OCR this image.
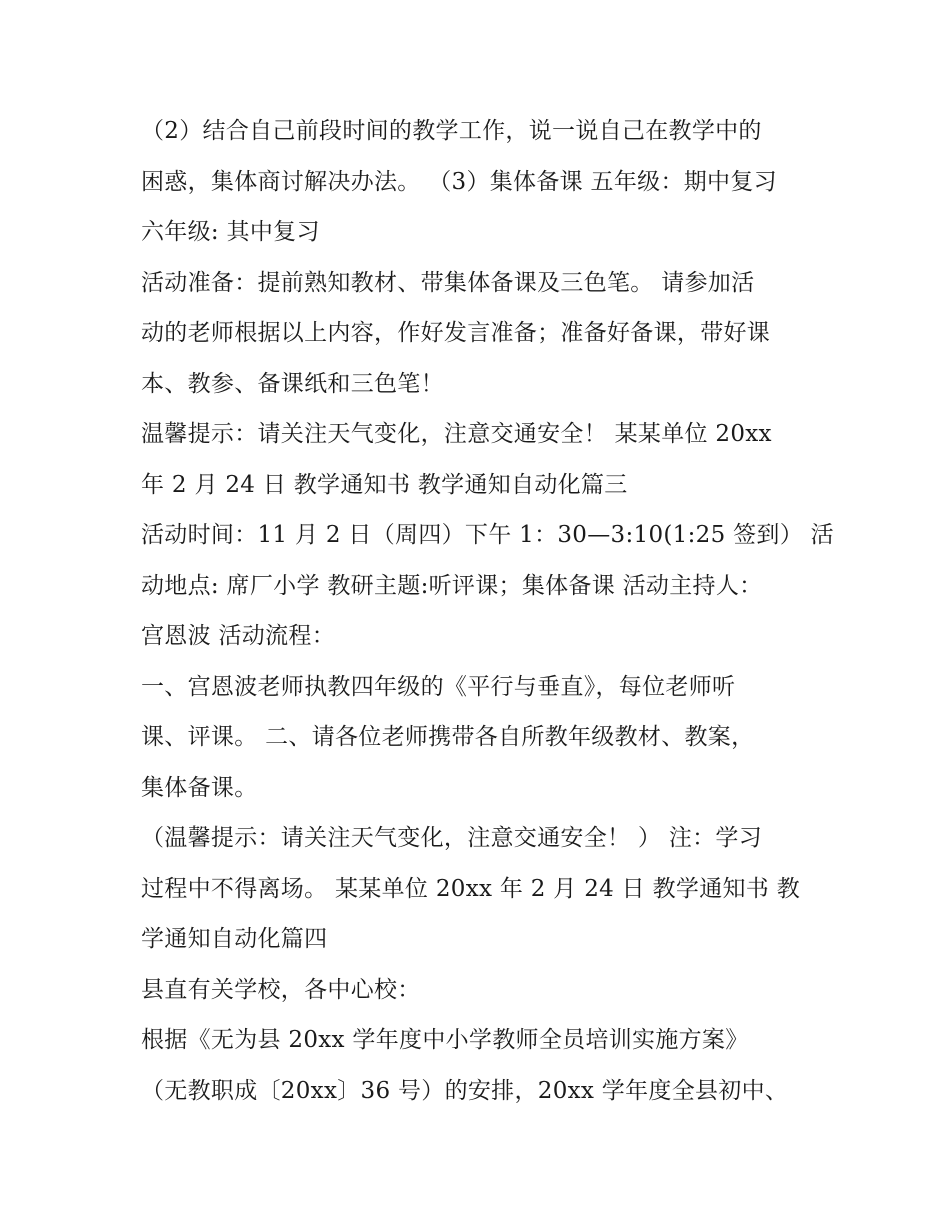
（2）结合自己前段时间的教学工作，说一说自己在教学中的
困惑，集体商讨解决办法。 （3）集体备课 五年级：期中复习
六年级: 其中复习
活动准备：提前熟知教材、带集体备课及三色笔。 请参加活
动的老师根据以上内容，作好发言准备；准备好备课，带好课
本、教参、备课纸和三色笔！
温馨提示：请关注天气变化，注意交通安全！ 某某单位 20xx
年 2 月 24 日 教学通知书 教学通知自动化篇三
活动时间：11 月 2 日（周四）下午 1：30—3:10(1:25 签到） 活
动地点: 席厂小学 教研主题:听评课；集体备课 活动主持人：
宫恩波 活动流程：
一、宫恩波老师执教四年级的《平行与垂直》，每位老师听
课、评课。 二、请各位老师携带各自所教年级教材、教案，
集体备课。
（温馨提示：请关注天气变化，注意交通安全！ ） 注：学习
过程中不得离场。 某某单位 20xx 年 2 月 24 日 教学通知书 教
学通知自动化篇四
县直有关学校，各中心校：
根据《无为县 20xx 学年度中小学教师全员培训实施方案》
（无教职成〔20xx〕36 号）的安排，20xx 学年度全县初中、
